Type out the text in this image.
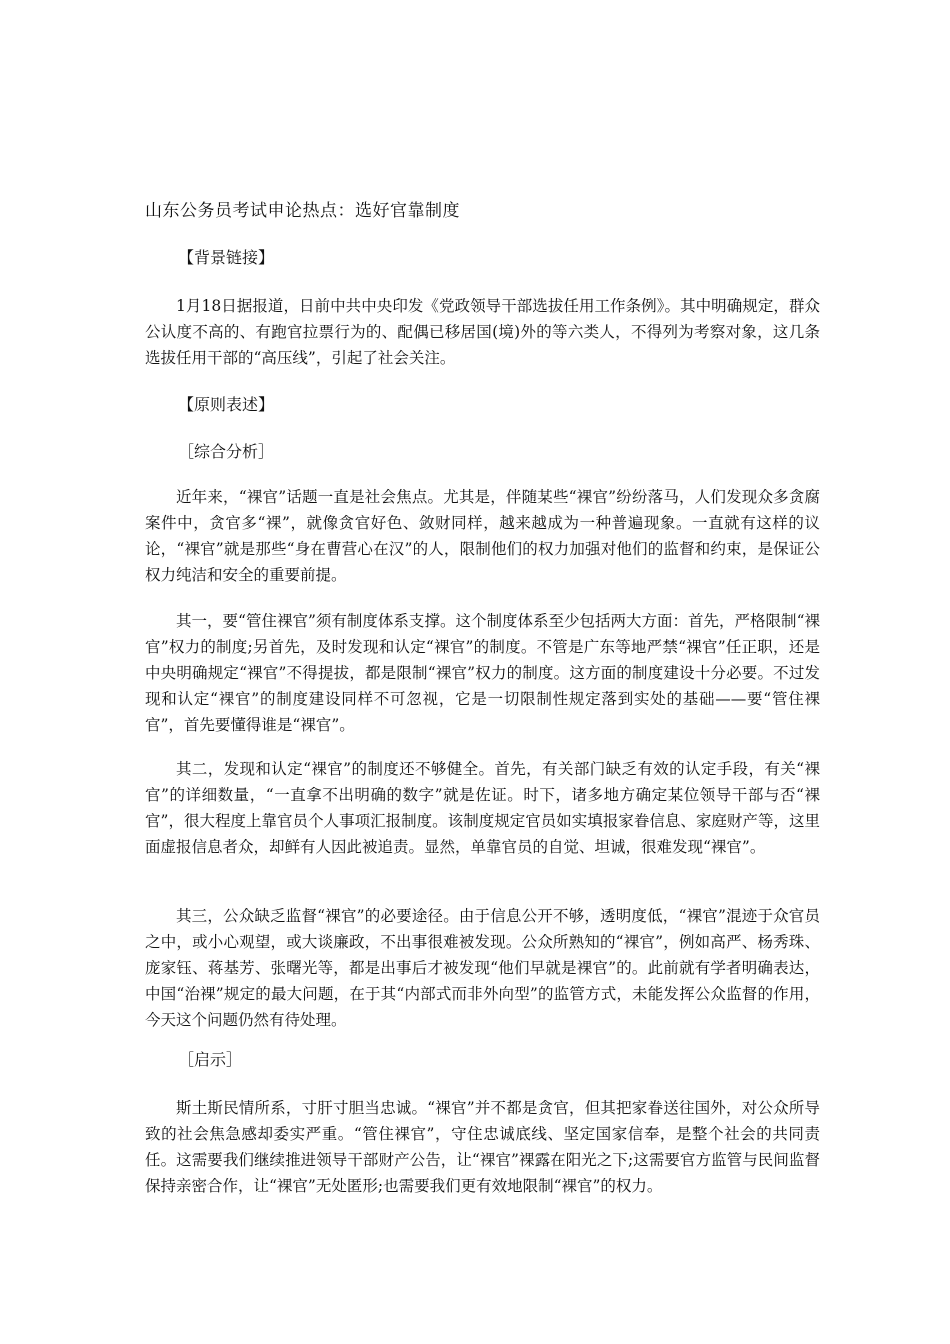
山东公务员考试申论热点：选好官靠制度
【背景链接】

1月18日据报道，日前中共中央印发《党政领导干部选拔任用工作条例》。其中明确规定，群众公认度不高的、有跑官拉票行为的、配偶已移居国(境)外的等六类人，不得列为考察对象，这几条选拔任用干部的“高压线”，引起了社会关注。

【原则表述】
［综合分析］

近年来，“裸官”话题一直是社会焦点。尤其是，伴随某些“裸官”纷纷落马，人们发现众多贪腐案件中，贪官多“裸”，就像贪官好色、敛财同样，越来越成为一种普遍现象。一直就有这样的议论，“裸官”就是那些“身在曹营心在汉”的人，限制他们的权力加强对他们的监督和约束，是保证公权力纯洁和安全的重要前提。

其一，要“管住裸官”须有制度体系支撑。这个制度体系至少包括两大方面：首先，严格限制“裸官”权力的制度;另首先，及时发现和认定“裸官”的制度。不管是广东等地严禁“裸官”任正职，还是中央明确规定“裸官”不得提拔，都是限制“裸官”权力的制度。这方面的制度建设十分必要。不过发现和认定“裸官”的制度建设同样不可忽视，它是一切限制性规定落到实处的基础——要“管住裸官”，首先要懂得谁是“裸官”。

其二，发现和认定“裸官”的制度还不够健全。首先，有关部门缺乏有效的认定手段，有关“裸官”的详细数量，“一直拿不出明确的数字”就是佐证。时下，诸多地方确定某位领导干部与否“裸官”，很大程度上靠官员个人事项汇报制度。该制度规定官员如实填报家眷信息、家庭财产等，这里面虚报信息者众，却鲜有人因此被追责。显然，单靠官员的自觉、坦诚，很难发现“裸官”。

其三，公众缺乏监督“裸官”的必要途径。由于信息公开不够，透明度低，“裸官”混迹于众官员之中，或小心观望，或大谈廉政，不出事很难被发现。公众所熟知的“裸官”，例如高严、杨秀珠、庞家钰、蒋基芳、张曙光等，都是出事后才被发现“他们早就是裸官”的。此前就有学者明确表达，中国“治裸”规定的最大问题，在于其“内部式而非外向型”的监管方式，未能发挥公众监督的作用，今天这个问题仍然有待处理。

［启示］

斯土斯民情所系，寸肝寸胆当忠诚。“裸官”并不都是贪官，但其把家眷送往国外，对公众所导致的社会焦急感却委实严重。“管住裸官”，守住忠诚底线、坚定国家信奉，是整个社会的共同责任。这需要我们继续推进领导干部财产公告，让“裸官”裸露在阳光之下;这需要官方监管与民间监督保持亲密合作，让“裸官”无处匿形;也需要我们更有效地限制“裸官”的权力。
